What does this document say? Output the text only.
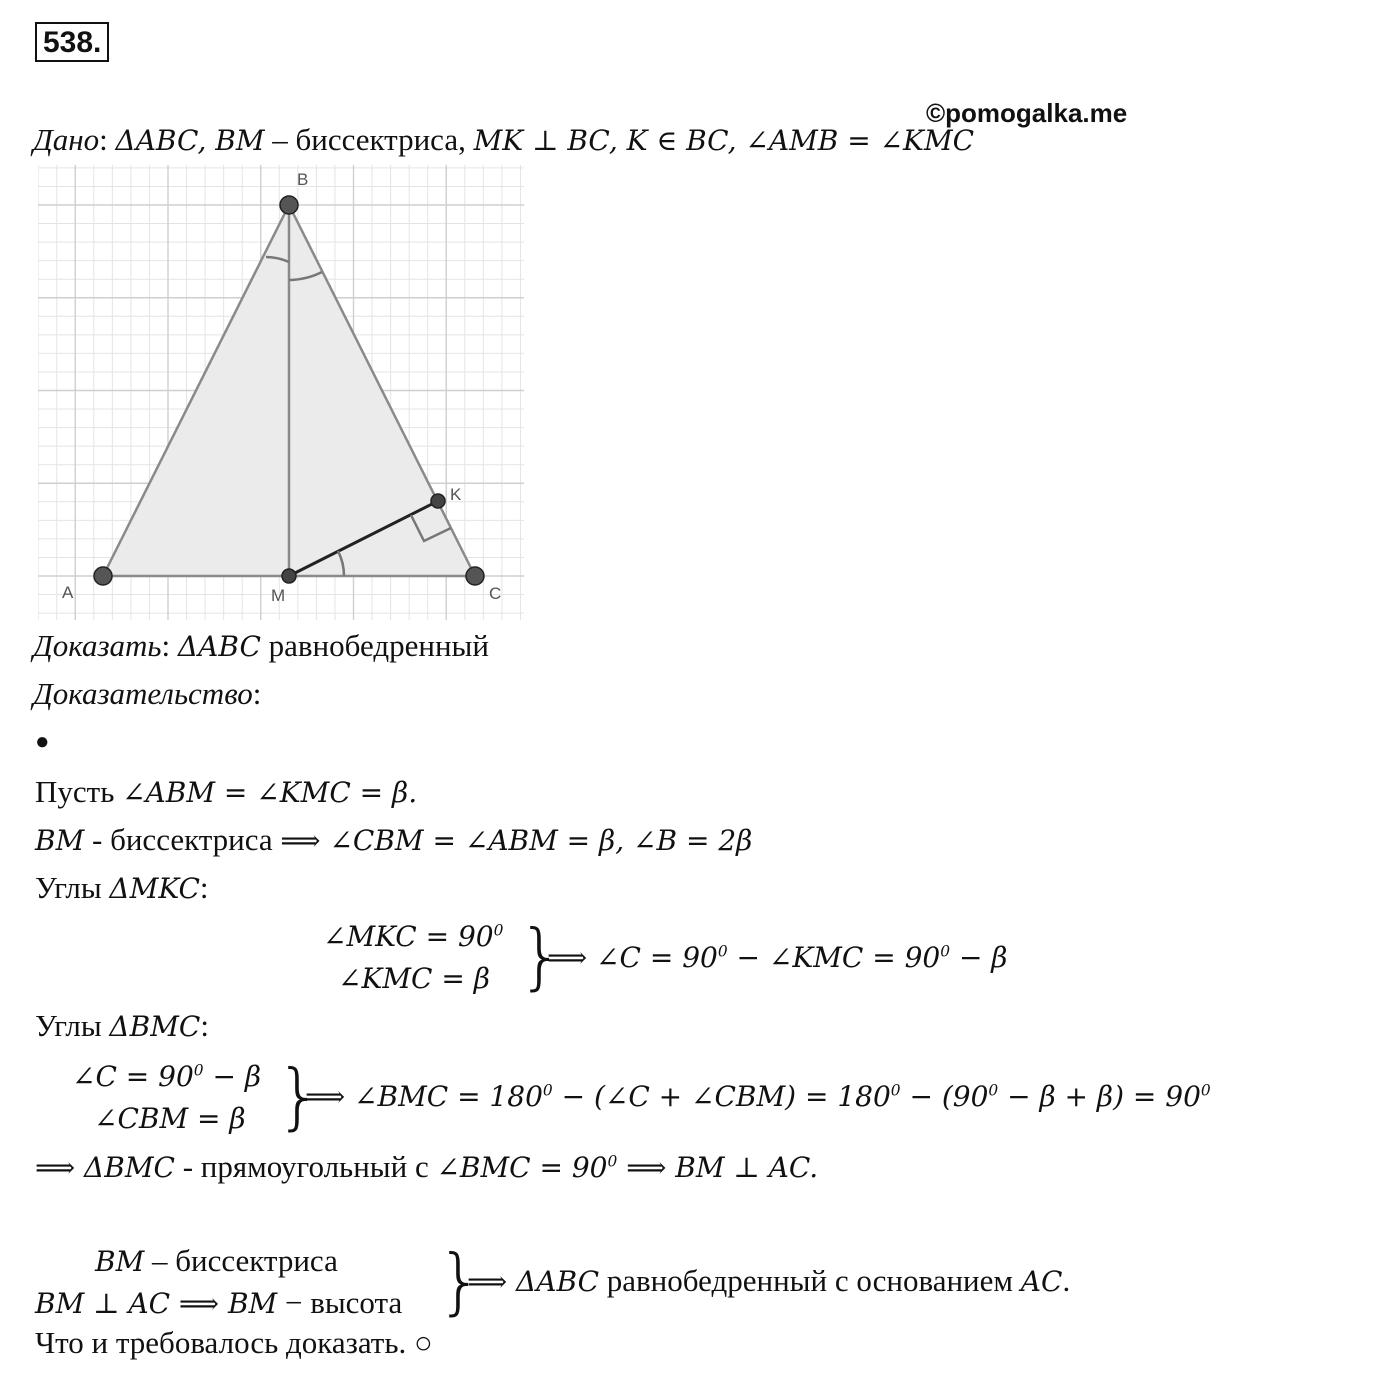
538.
©pomogalka.me
Дано: ΔABC, BM – биссектриса, MK ⊥ BC, K ∈ BC, ∠AMB = ∠KMC
B
A	C
M
K
Доказать: ΔABC равнобедренный
Доказательство:
●
Пусть ∠ABM = ∠KMC = β.
BM - биссектриса ⟹ ∠CBM = ∠ABM = β, ∠B = 2β
Углы ΔMKC:
∠MKC = $90^0$
∠KMC = β }
⟹ ∠C = $90^0$ − ∠KMC = $90^0 - \beta$
Углы ΔBMC:
∠C = $90^0 - \beta$
∠CBM = β }
⟹ ∠BMC = $180^0$ − (∠C + ∠CBM) = $180^0 - (90^0 - \beta + \beta) = 90^0$
⟹ ΔBMC - прямоугольный с ∠BMC = $90^0$ ⟹ BM ⊥ AC.
BM – биссектриса
BM ⊥ AC ⟹ BM − высота }
⟹ ΔABC равнобедренный с основанием AC.
Что и требовалось доказать. ○
